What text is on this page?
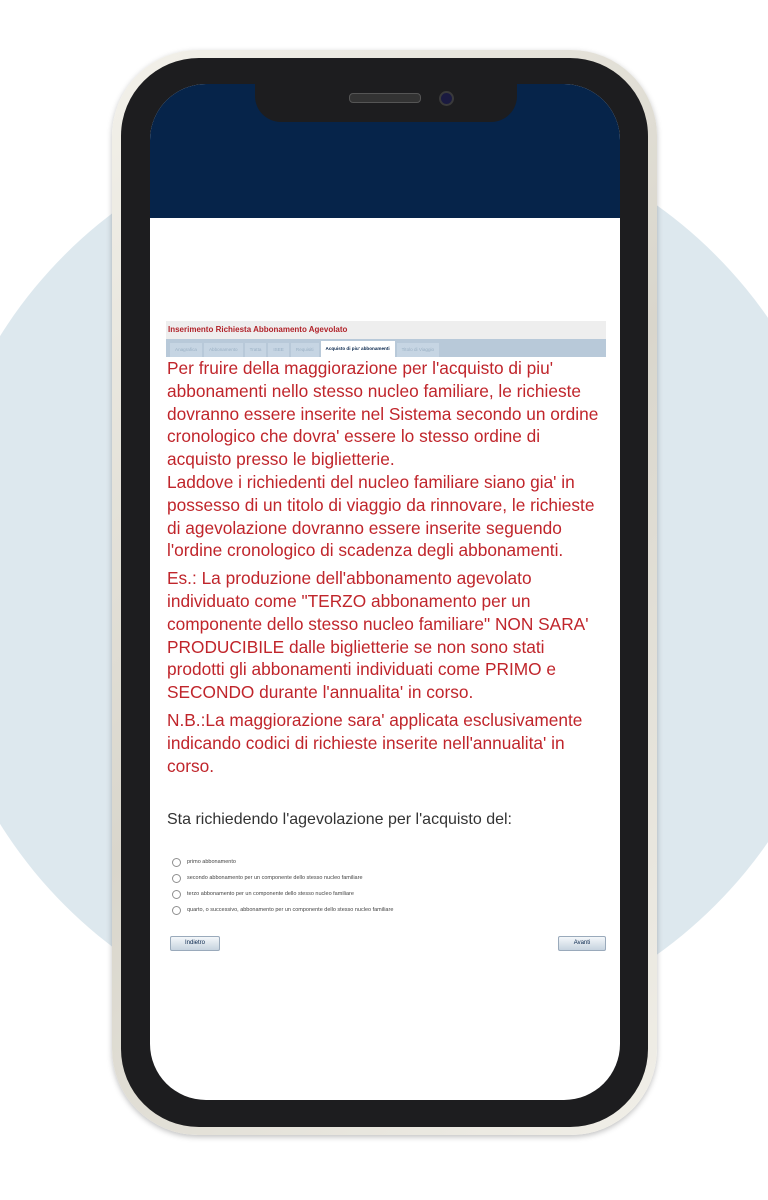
Inserimento Richiesta Abbonamento Agevolato
Anagrafica	Abbonamento	Tratta	ISEE	Requisiti	Acquisto di piu' abbonamenti	Titolo di Viaggio

Per fruire della maggiorazione per l'acquisto di piu' abbonamenti nello stesso nucleo familiare, le richieste dovranno essere inserite nel Sistema secondo un ordine cronologico che dovra' essere lo stesso ordine di acquisto presso le biglietterie.

Laddove i richiedenti del nucleo familiare siano gia' in possesso di un titolo di viaggio da rinnovare, le richieste di agevolazione dovranno essere inserite seguendo l'ordine cronologico di scadenza degli abbonamenti.

Es.: La produzione dell'abbonamento agevolato individuato come "TERZO abbonamento per un componente dello stesso nucleo familiare" NON SARA' PRODUCIBILE dalle biglietterie se non sono stati prodotti gli abbonamenti individuati come PRIMO e SECONDO durante l'annualita' in corso.

N.B.:La maggiorazione sara' applicata esclusivamente indicando codici di richieste inserite nell'annualita' in corso.

Sta richiedendo l'agevolazione per l'acquisto del:
primo abbonamento
secondo abbonamento per un componente dello stesso nucleo familiare
terzo abbonamento per un componente dello stesso nucleo familiare
quarto, o successivo, abbonamento per un componente dello stesso nucleo familiare
Indietro	Avanti
